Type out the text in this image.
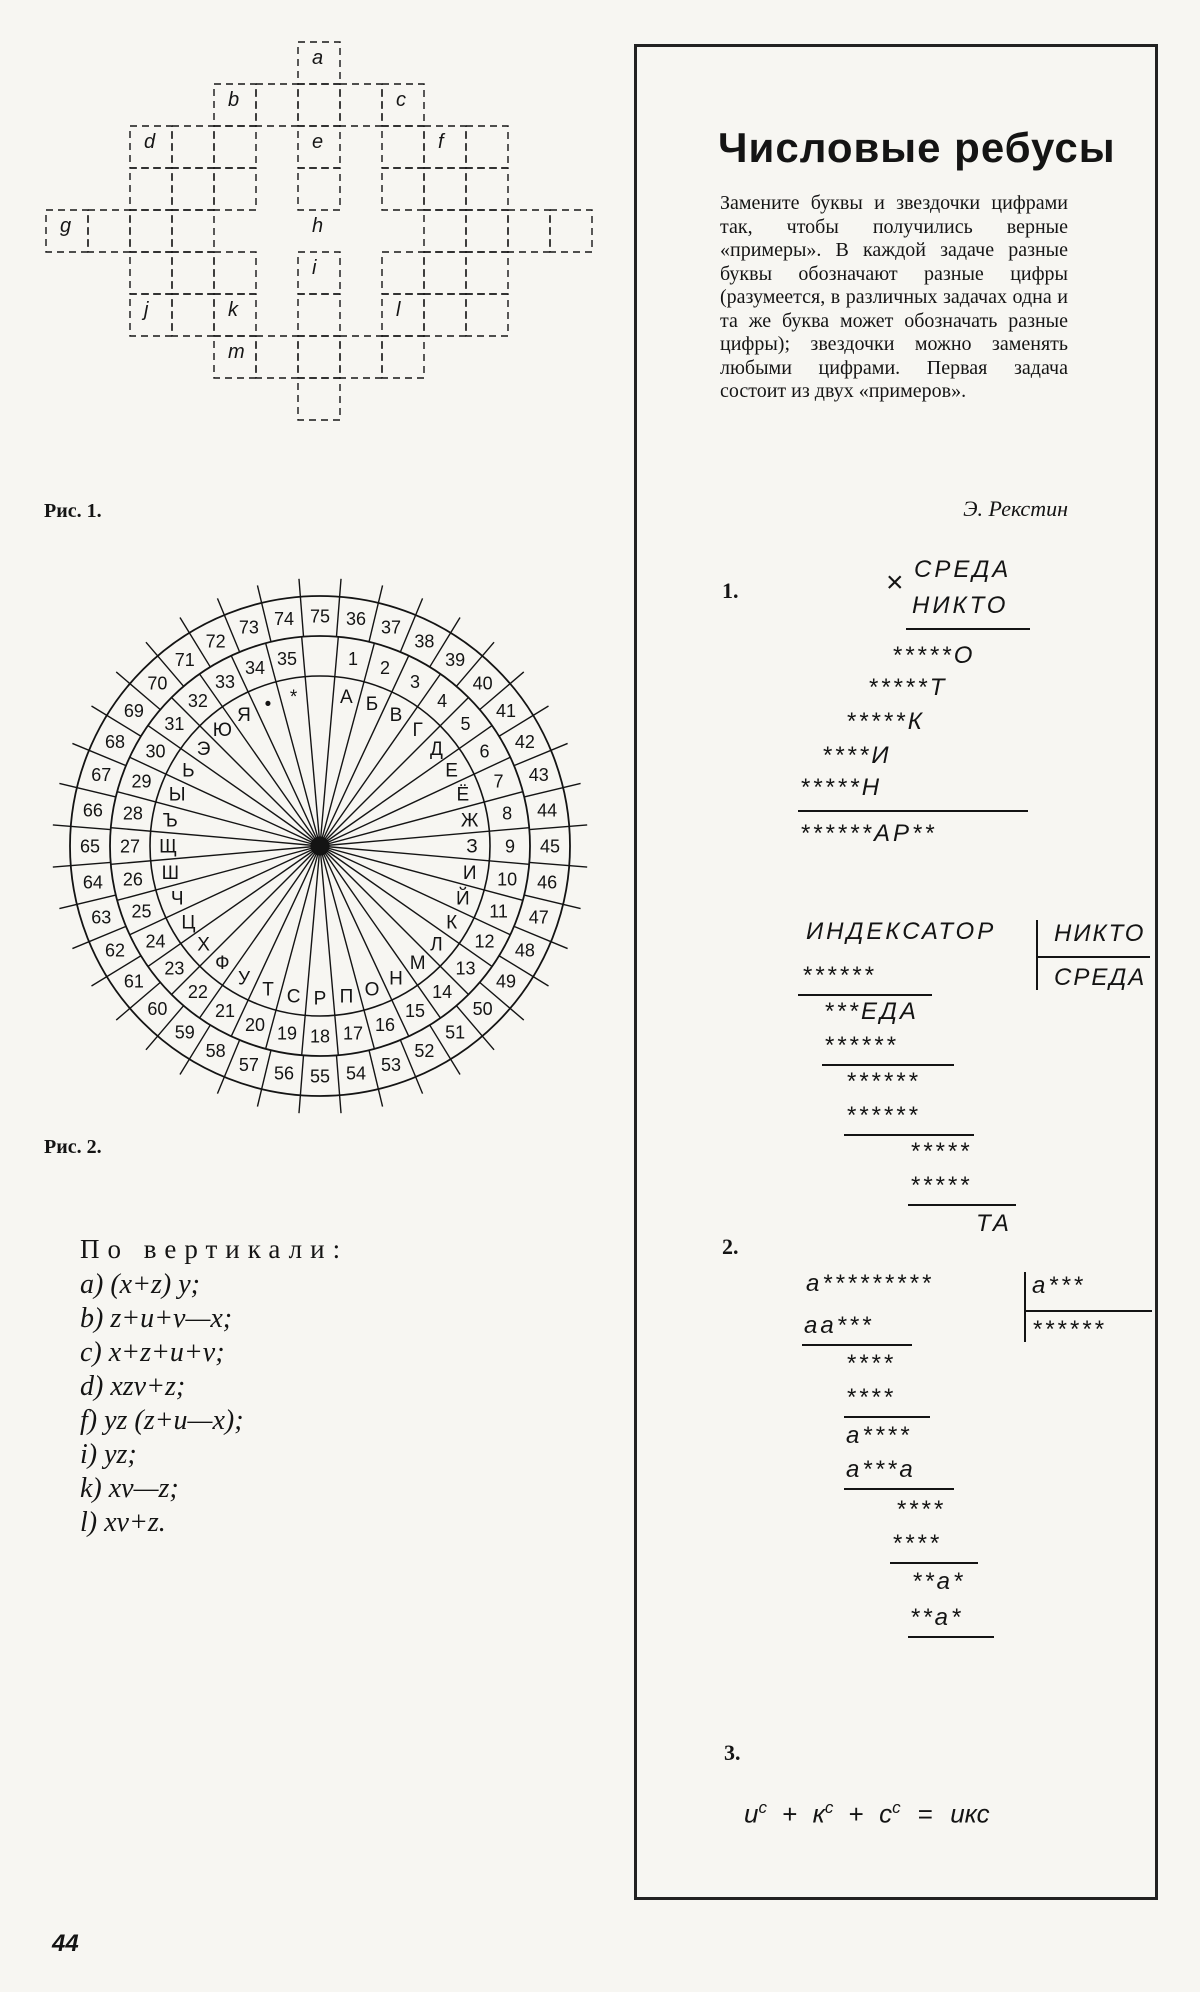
a
b	c
d	e	f
g	h
i
j	k	l
m
Рис. 1.
А Б
В
Г
Д
Е
Ё
Ж
З
И
Й
К
Л
М
Н
О
П
Р
С
Т
У
Ф
Х
Ц
Ч
Ш
Щ
Ъ
Ы
Ь
Э
Ю
Я
• *
1 2
3
4
5
6
7
8
9
10
11
12
13
14
15
16
17
18
19
20
21
22
23
24
25
26
27
28
29
30
31
32
33
34 35
36 37
38
39
40
41
42
43
44
45
46
47
48
49
50
51
52
53
54
55
56
57
58
59
60
61
62
63
64
65
66
67
68
69
70
71
72
73 74 75
Рис. 2.
По вертикали:
a) (x+z) y;
b) z+u+v—x;
c) x+z+u+v;
d) xzv+z;
f) yz (z+u—x);
i) yz;
k) xv—z;
l) xv+z.
44
Числовые ребусы
Замените буквы и звездочки цифрами так, чтобы получились верные «примеры». В каждой задаче разные буквы обозначают разные цифры (разумеется, в различных задачах одна и та же буква может обозначать разные цифры); звездочки можно заменять любыми цифрами. Первая задача состоит из двух «примеров».
Э. Рекстин
1.	× СРЕДА
НИКТО
*****О
*****Т
*****К
****И
*****Н
******АР**
ИНДЕКСАТОР НИКТО
СРЕДА
******
***ЕДА
******
******
******
*****
*****
ТА
2.
а*********	а***
******
аа***
****
****
а****
а***а
****
****
**а*
**а*
3.
$и^с + к^с + с^с$ = икс
